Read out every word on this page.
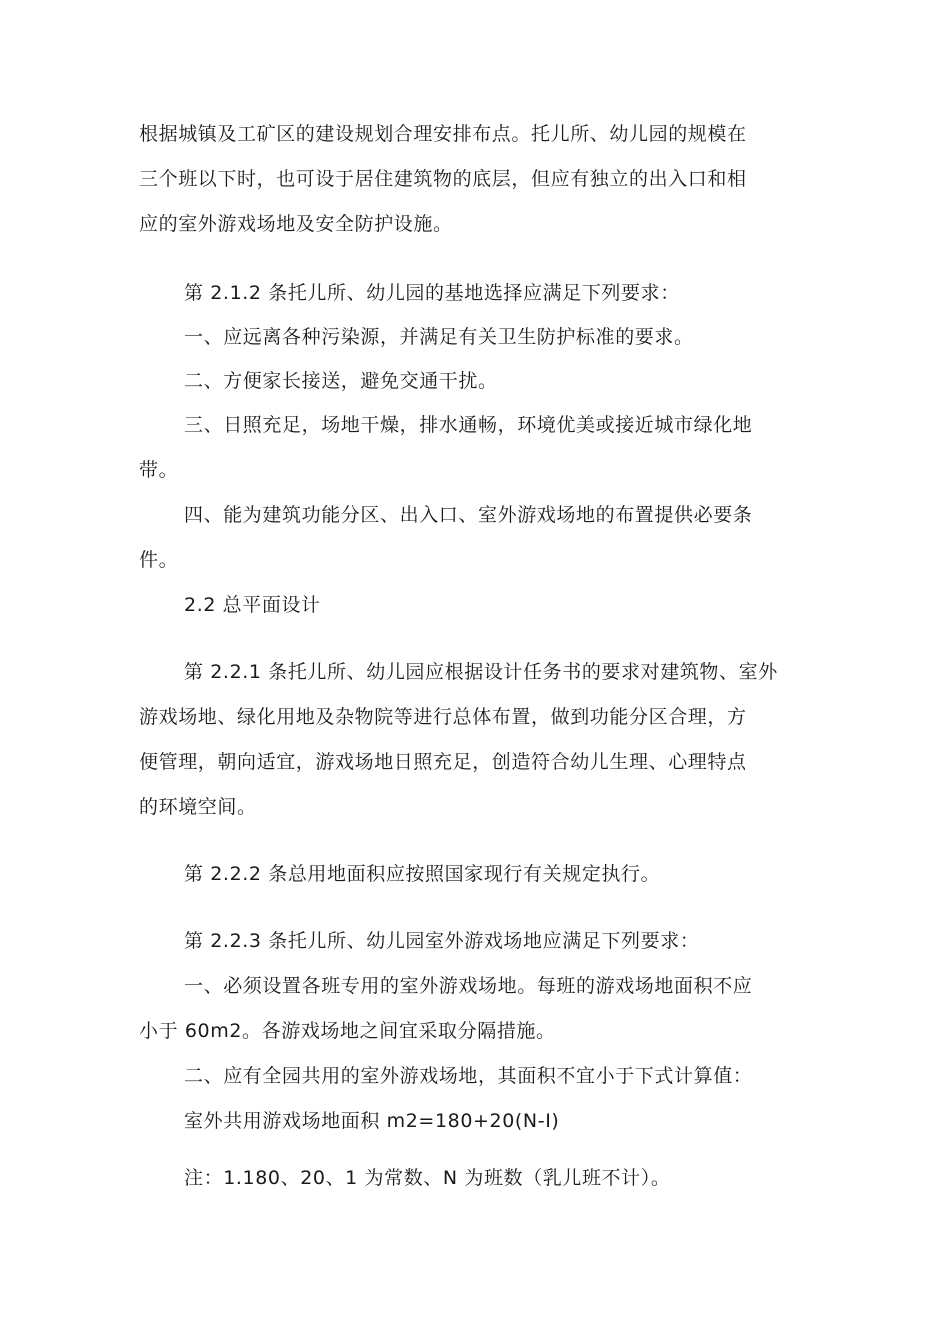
根据城镇及工矿区的建设规划合理安排布点。托儿所、幼儿园的规模在
三个班以下时，也可设于居住建筑物的底层，但应有独立的出入口和相
应的室外游戏场地及安全防护设施。
第 2.1.2 条托儿所、幼儿园的基地选择应满足下列要求：
一、应远离各种污染源，并满足有关卫生防护标准的要求。
二、方便家长接送，避免交通干扰。
三、日照充足，场地干燥，排水通畅，环境优美或接近城市绿化地
带。
四、能为建筑功能分区、出入口、室外游戏场地的布置提供必要条
件。
2.2 总平面设计
第 2.2.1 条托儿所、幼儿园应根据设计任务书的要求对建筑物、室外
游戏场地、绿化用地及杂物院等进行总体布置，做到功能分区合理，方
便管理，朝向适宜，游戏场地日照充足，创造符合幼儿生理、心理特点
的环境空间。
第 2.2.2 条总用地面积应按照国家现行有关规定执行。
第 2.2.3 条托儿所、幼儿园室外游戏场地应满足下列要求：
一、必须设置各班专用的室外游戏场地。每班的游戏场地面积不应
小于 60m2。各游戏场地之间宜采取分隔措施。
二、应有全园共用的室外游戏场地，其面积不宜小于下式计算值：
室外共用游戏场地面积 m2=180+20(N-I)
注：1.180、20、1 为常数、N 为班数（乳儿班不计）。
